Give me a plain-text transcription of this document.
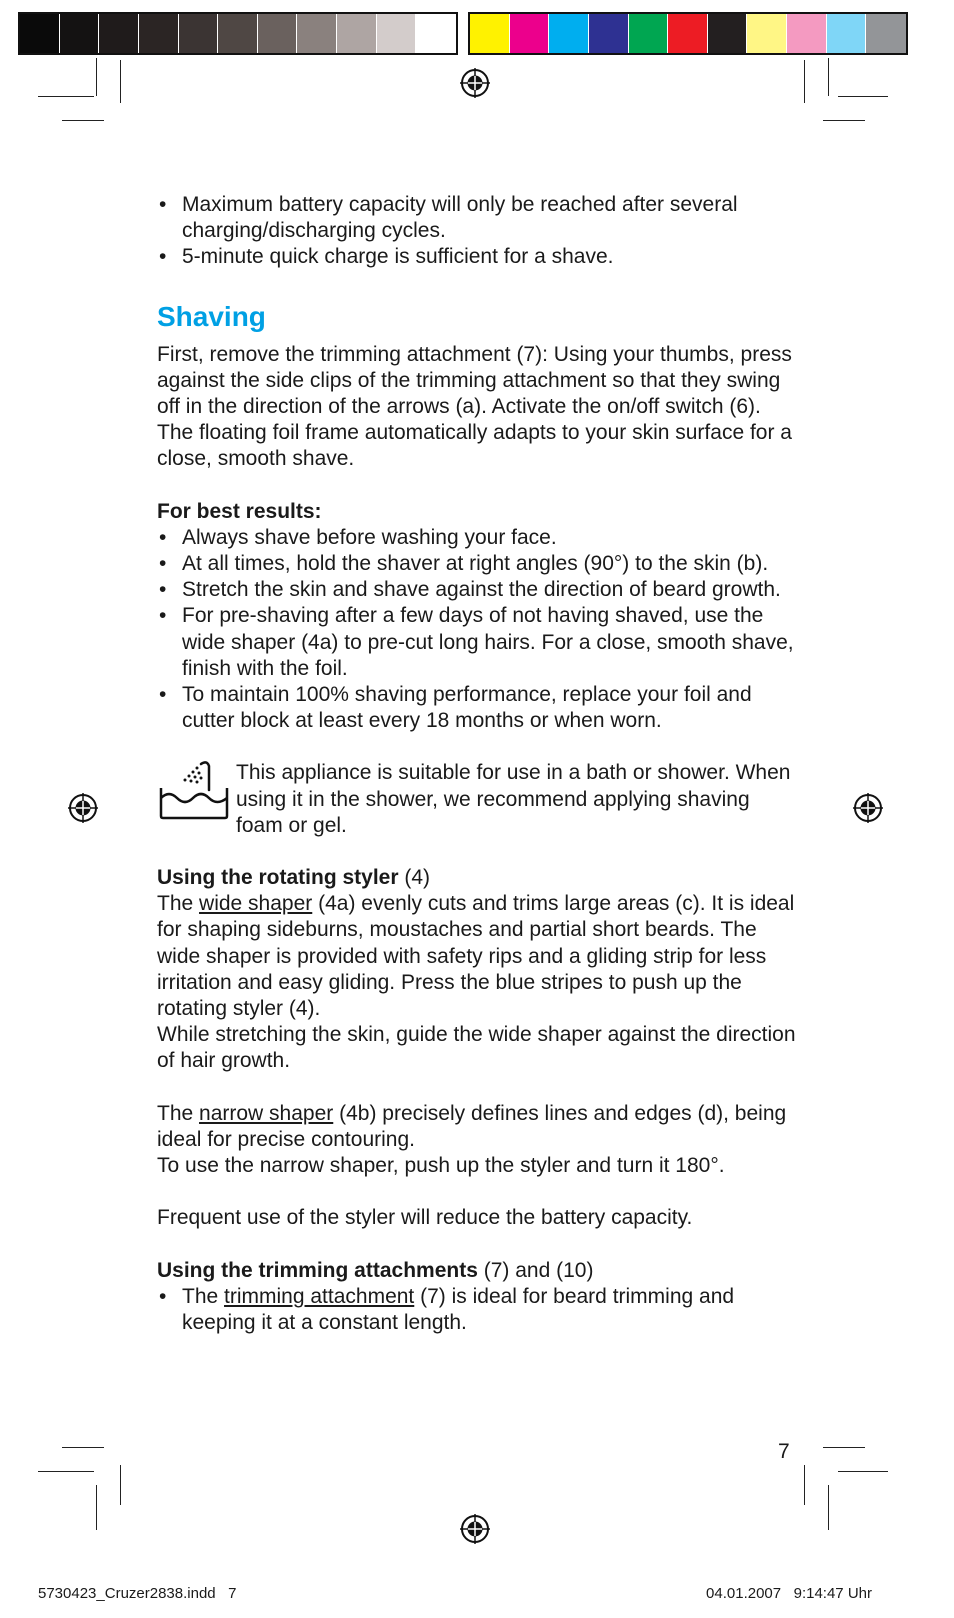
• Maximum battery capacity will only be reached after several charging/discharging cycles.
• 5-minute quick charge is sufficient for a shave.

Shaving

First, remove the trimming attachment (7): Using your thumbs, press against the side clips of the trimming attachment so that they swing off in the direction of the arrows (a). Activate the on/off switch (6). The floating foil frame automatically adapts to your skin surface for a close, smooth shave.

For best results:

• Always shave before washing your face.
• At all times, hold the shaver at right angles (90°) to the skin (b).
• Stretch the skin and shave against the direction of beard growth.
• For pre-shaving after a few days of not having shaved, use the wide shaper (4a) to pre-cut long hairs. For a close, smooth shave, finish with the foil.
• To maintain 100% shaving performance, replace your foil and cutter block at least every 18 months or when worn.

This appliance is suitable for use in a bath or shower. When using it in the shower, we recommend applying shaving foam or gel.

Using the rotating styler (4)

The wide shaper (4a) evenly cuts and trims large areas (c). It is ideal for shaping sideburns, moustaches and partial short beards. The wide shaper is provided with safety rips and a gliding strip for less irritation and easy gliding. Press the blue stripes to push up the rotating styler (4).

While stretching the skin, guide the wide shaper against the direction of hair growth.

The narrow shaper (4b) precisely defines lines and edges (d), being ideal for precise contouring.

To use the narrow shaper, push up the styler and turn it 180°.

Frequent use of the styler will reduce the battery capacity.

Using the trimming attachments (7) and (10)

• The trimming attachment (7) is ideal for beard trimming and keeping it at a constant length.
7
5730423_Cruzer2838.indd   7	04.01.2007   9:14:47 Uhr
